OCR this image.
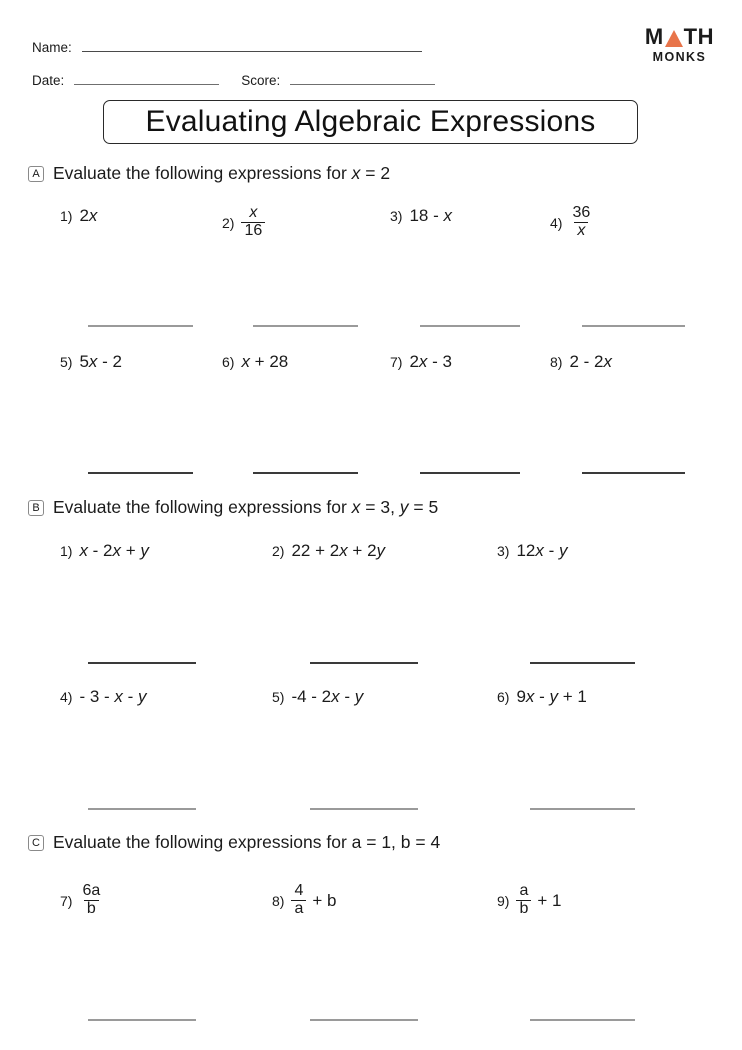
Name:
Date:	Score:
M TH
MONKS
Evaluating Algebraic Expressions
A Evaluate the following expressions for x = 2
1) 2x	$2) \frac{x}{16}$	3) 18 - x	$4) \frac{36}{x}$
5) 5x - 2	6) x + 28	7) 2x - 3	8) 2 - 2x
B Evaluate the following expressions for x = 3, y = 5
1) x - 2x + y	2) 22 + 2x + 2y	3) 12x - y
4) - 3 - x - y	5) -4 - 2x - y	6) 9x - y + 1
C Evaluate the following expressions for a = 1, b = 4
$7) \frac{6a}{b}$	$8) \frac{4}{a} + b$	$9) \frac{a}{b} + 1$
